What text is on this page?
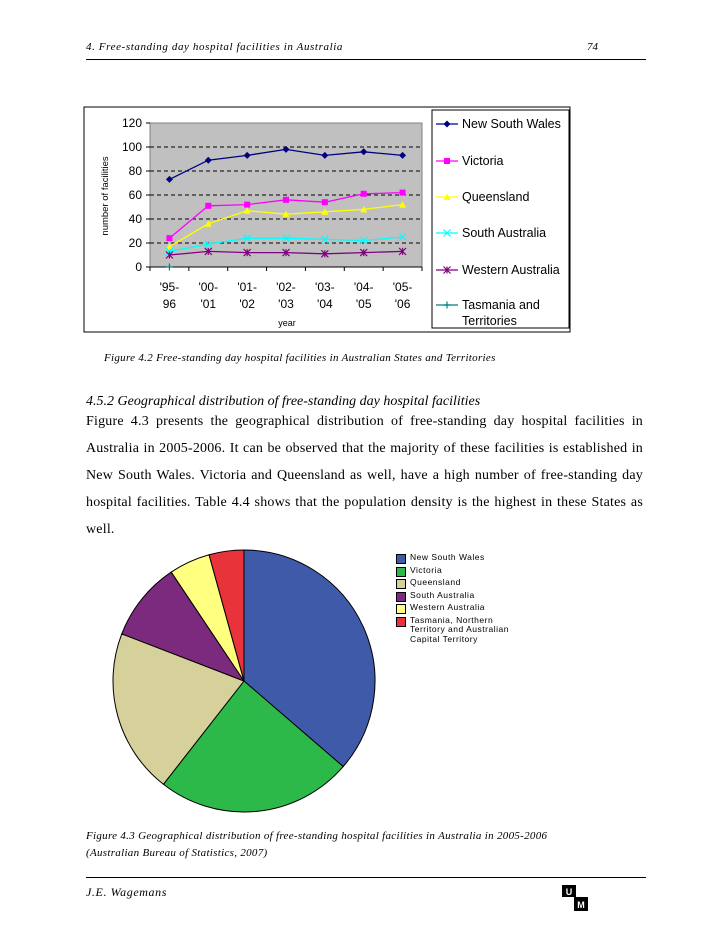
4. Free-standing day hospital facilities in Australia	74
0
20
40
60
80
100
120
'95-96
'00-'01
'01-'02
'02-'03
'03-'04
'04-'05
'05-'06
number of facilities
year
New South Wales
Victoria
Queensland
South Australia
Western Australia
Tasmania and Territories
Figure 4.2 Free-standing day hospital facilities in Australian States and Territories
4.5.2 Geographical distribution of free-standing day hospital facilities
Figure 4.3 presents the geographical distribution of free-standing day hospital facilities in Australia in 2005-2006. It can be observed that the majority of these facilities is established in New South Wales. Victoria and Queensland as well, have a high number of free-standing day hospital facilities. Table 4.4 shows that the population density is the highest in these States as well.
New South Wales
Victoria
Queensland
South Australia
Western Australia
Tasmania, Northern Territory and Australian Capital Territory
Figure 4.3 Geographical distribution of free-standing hospital facilities in Australia in 2005-2006
(Australian Bureau of Statistics, 2007)
J.E. Wagemans	U
M
